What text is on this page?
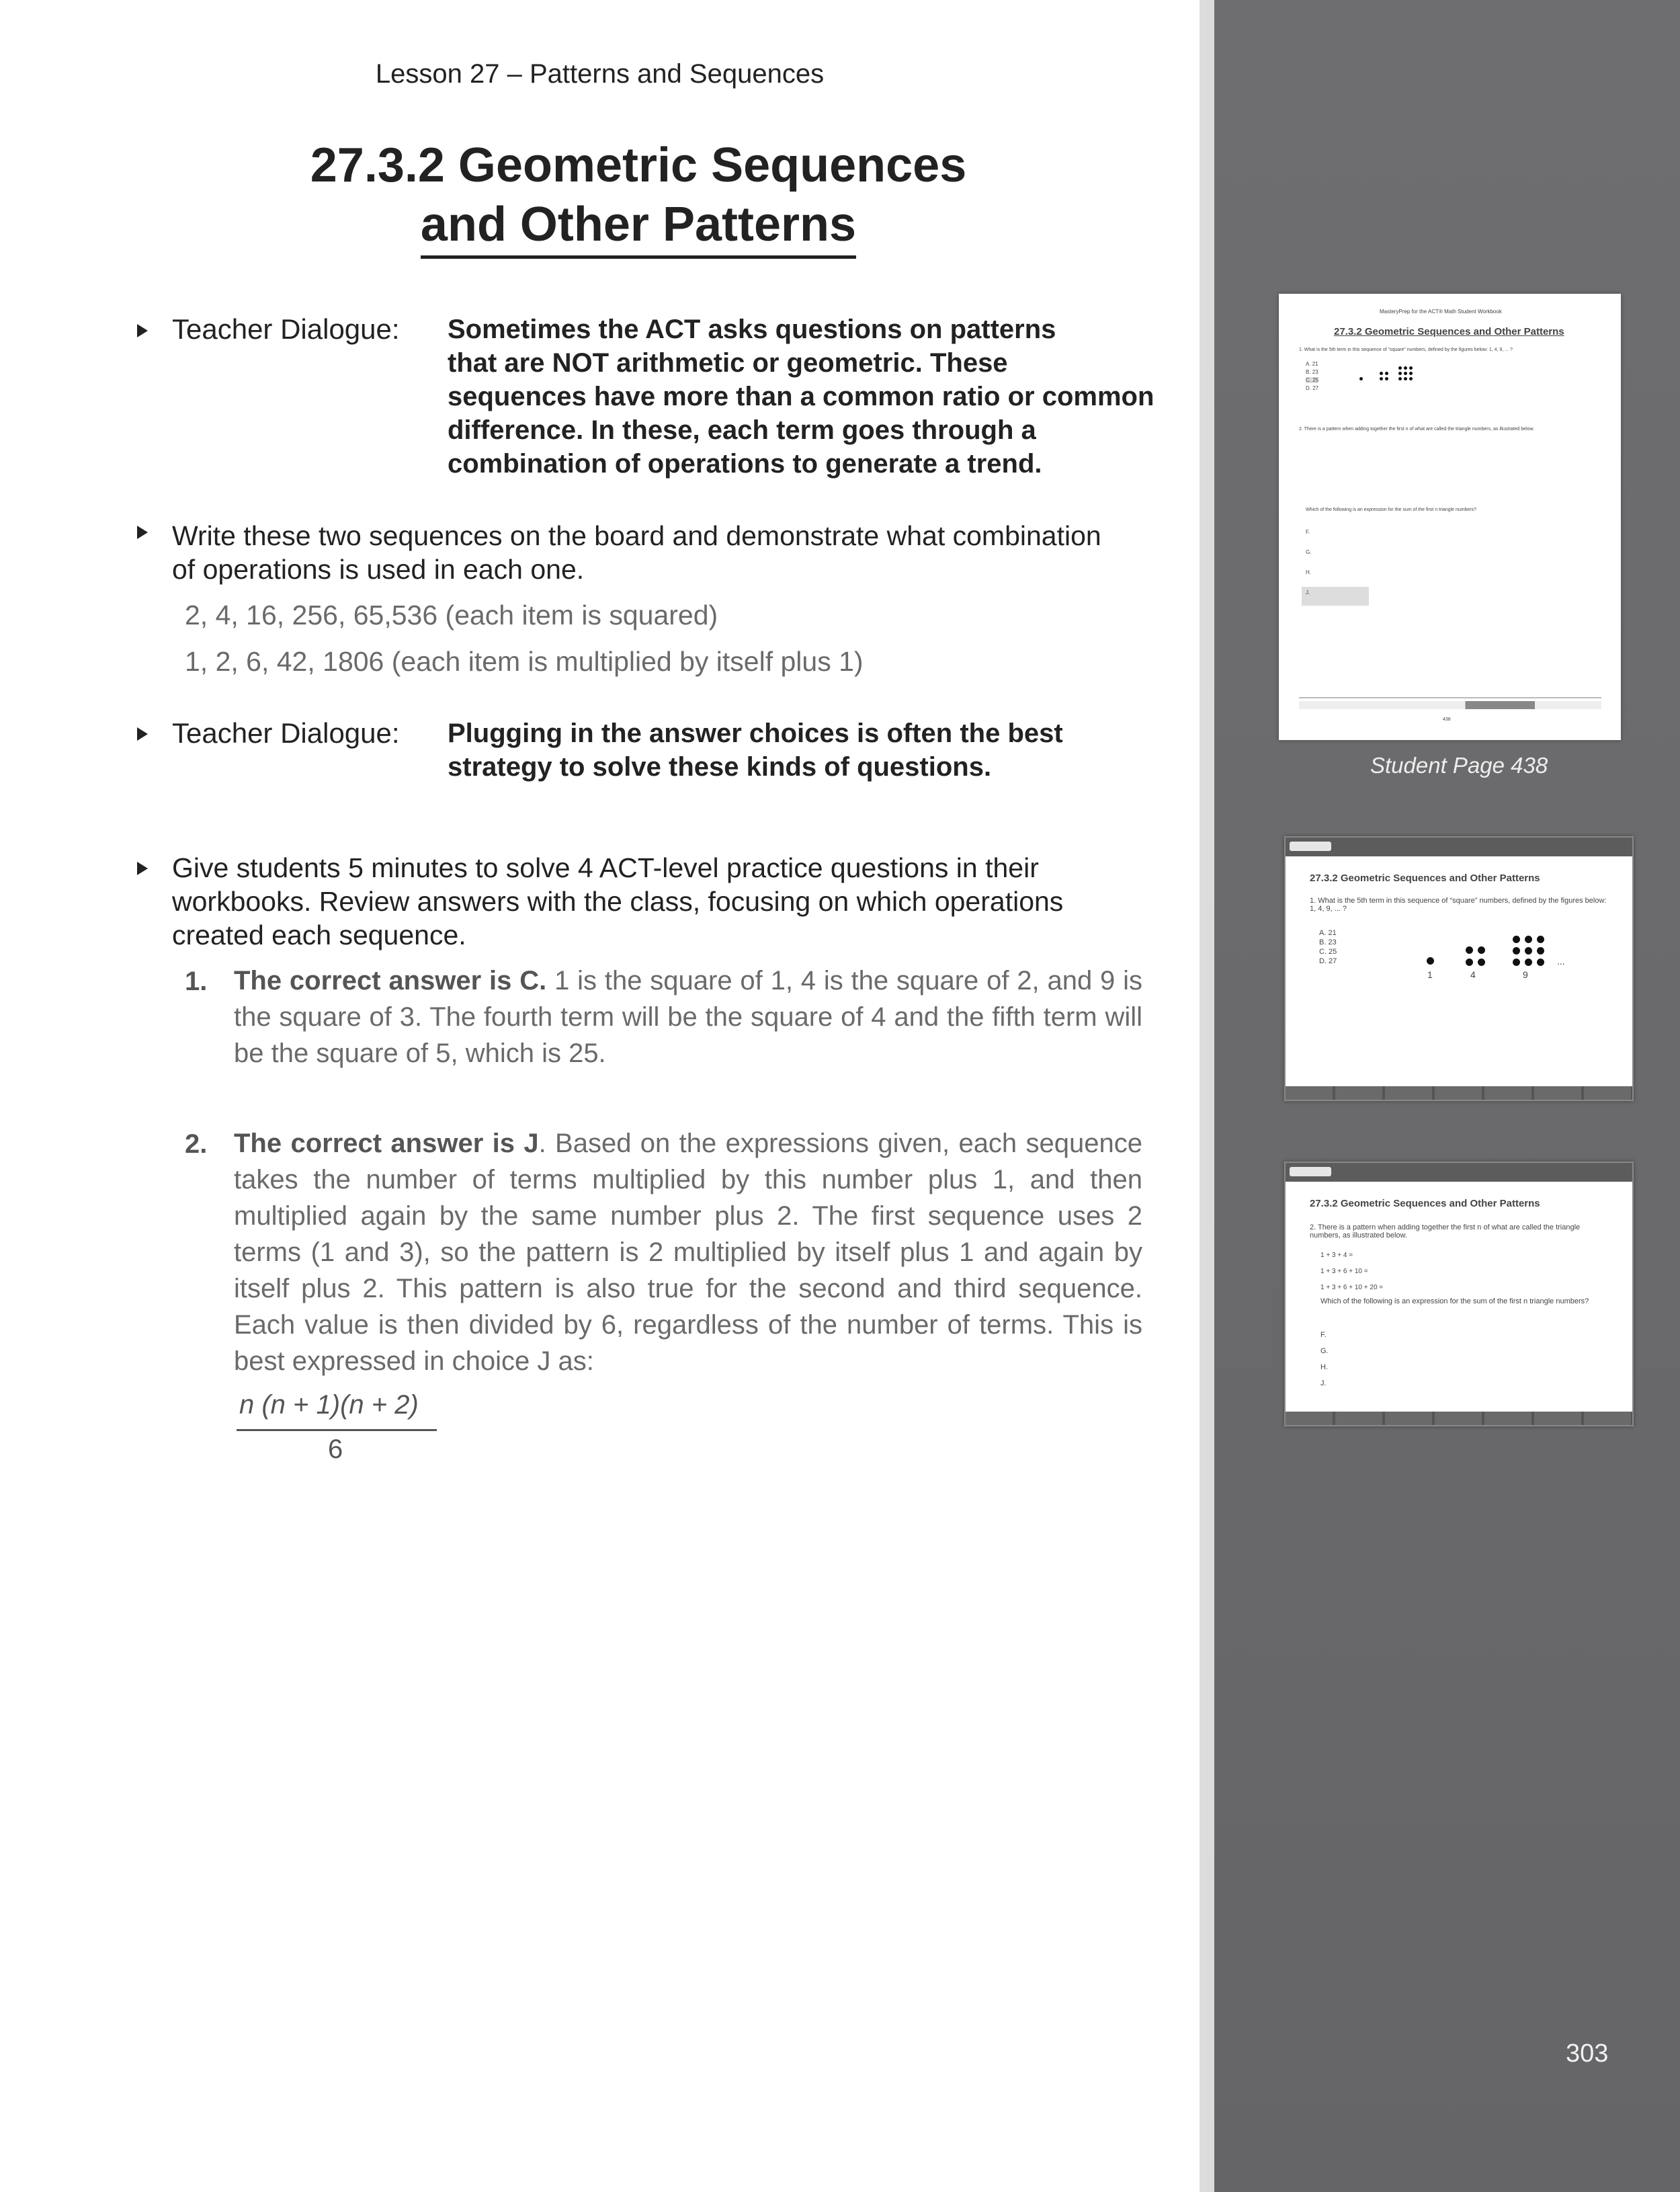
Lesson 27 – Patterns and Sequences
27.3.2 Geometric Sequences
and Other Patterns
Teacher Dialogue: Sometimes the ACT asks questions on patterns
that are NOT arithmetic or geometric. These
sequences have more than a common ratio or common
difference. In these, each term goes through a
combination of operations to generate a trend.
Write these two sequences on the board and demonstrate what combination
of operations is used in each one.
2, 4, 16, 256, 65,536 (each item is squared)
1, 2, 6, 42, 1806 (each item is multiplied by itself plus 1)
Teacher Dialogue: Plugging in the answer choices is often the best
strategy to solve these kinds of questions.
Give students 5 minutes to solve 4 ACT-level practice questions in their
workbooks. Review answers with the class, focusing on which operations
created each sequence.
1. The correct answer is C. 1 is the square of 1, 4 is the square of 2, and 9 is the square of 3. The fourth term will be the square of 4 and the fifth term will be the square of 5, which is 25.
2. The correct answer is J. Based on the expressions given, each sequence takes the number of terms multiplied by this number plus 1, and then multiplied again by the same number plus 2. The first sequence uses 2 terms (1 and 3), so the pattern is 2 multiplied by itself plus 1 and again by itself plus 2. This pattern is also true for the second and third sequence. Each value is then divided by 6, regardless of the number of terms. This is best expressed in choice J as:
n (n + 1)(n + 2)
6
MasteryPrep for the ACT® Math Student Workbook
27.3.2 Geometric Sequences and Other Patterns
1. What is the 5th term in this sequence of “square” numbers, defined by the figures below: 1, 4, 9, ... ?
A. 21
B. 23
C. 25
D. 27
2. There is a pattern when adding together the first n of what are called the triangle numbers, as illustrated below.
Which of the following is an expression for the sum of the first n triangle numbers?
F.
G.
H.
J.
438
Student Page 438
27.3.2 Geometric Sequences and Other Patterns
1. What is the 5th term in this sequence of “square” numbers, defined by the figures below: 1, 4, 9, ... ?
A. 21
B. 23
C. 25
D. 27
1	4	9
...
27.3.2 Geometric Sequences and Other Patterns
2. There is a pattern when adding together the first n of what are called the triangle numbers, as illustrated below.
1 + 3 + 4 =
1 + 3 + 6 + 10 =
1 + 3 + 6 + 10 + 20 =
Which of the following is an expression for the sum of the first n triangle numbers?
F.
G.
H.
J.
303
